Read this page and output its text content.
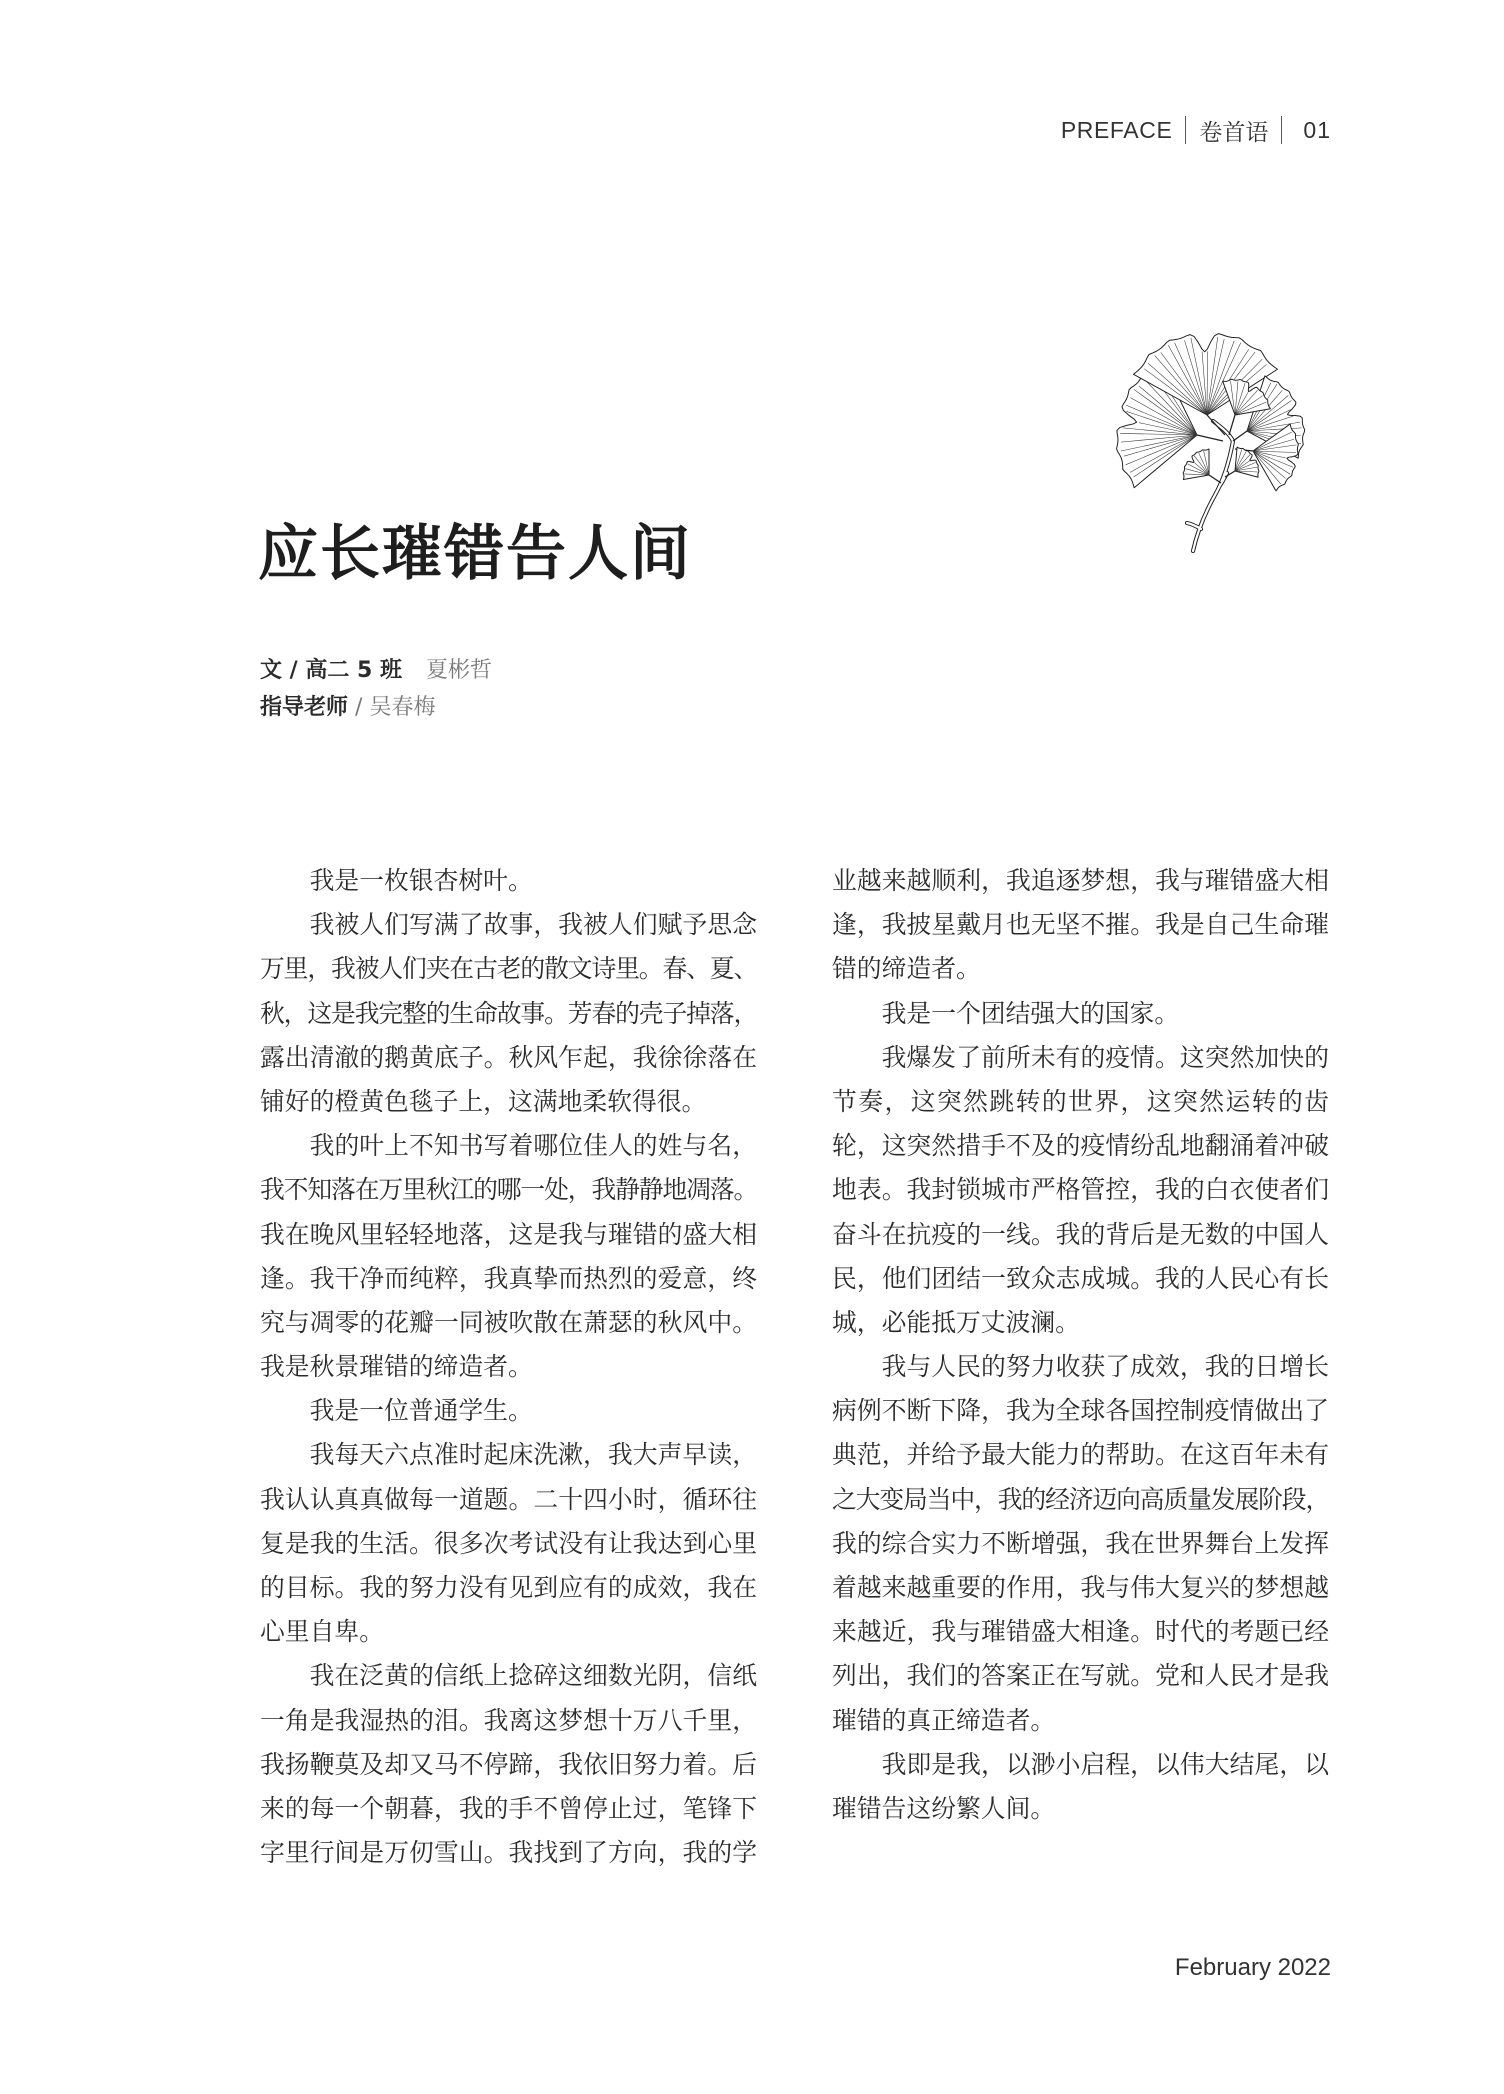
PREFACE 卷首语 01
应长璀错告人间
文 / 高二 5 班 夏彬哲
指导老师 / 吴春梅
我是一枚银杏树叶。
我被人们写满了故事，我被人们赋予思念
万里，我被人们夹在古老的散文诗里。春、夏、
秋，这是我完整的生命故事。芳春的壳子掉落，
露出清澈的鹅黄底子。秋风乍起，我徐徐落在
铺好的橙黄色毯子上，这满地柔软得很。
我的叶上不知书写着哪位佳人的姓与名，
我不知落在万里秋江的哪一处，我静静地凋落。
我在晚风里轻轻地落，这是我与璀错的盛大相
逢。我干净而纯粹，我真挚而热烈的爱意，终
究与凋零的花瓣一同被吹散在萧瑟的秋风中。
我是秋景璀错的缔造者。
我是一位普通学生。
我每天六点准时起床洗漱，我大声早读，
我认认真真做每一道题。二十四小时，循环往
复是我的生活。很多次考试没有让我达到心里
的目标。我的努力没有见到应有的成效，我在
心里自卑。
我在泛黄的信纸上捻碎这细数光阴，信纸
一角是我湿热的泪。我离这梦想十万八千里，
我扬鞭莫及却又马不停蹄，我依旧努力着。后
来的每一个朝暮，我的手不曾停止过，笔锋下
字里行间是万仞雪山。我找到了方向，我的学
业越来越顺利，我追逐梦想，我与璀错盛大相
逢，我披星戴月也无坚不摧。我是自己生命璀
错的缔造者。
我是一个团结强大的国家。
我爆发了前所未有的疫情。这突然加快的
节奏，这突然跳转的世界，这突然运转的齿
轮，这突然措手不及的疫情纷乱地翻涌着冲破
地表。我封锁城市严格管控，我的白衣使者们
奋斗在抗疫的一线。我的背后是无数的中国人
民，他们团结一致众志成城。我的人民心有长
城，必能抵万丈波澜。
我与人民的努力收获了成效，我的日增长
病例不断下降，我为全球各国控制疫情做出了
典范，并给予最大能力的帮助。在这百年未有
之大变局当中，我的经济迈向高质量发展阶段，
我的综合实力不断增强，我在世界舞台上发挥
着越来越重要的作用，我与伟大复兴的梦想越
来越近，我与璀错盛大相逢。时代的考题已经
列出，我们的答案正在写就。党和人民才是我
璀错的真正缔造者。
我即是我，以渺小启程，以伟大结尾，以
璀错告这纷繁人间。
February 2022
